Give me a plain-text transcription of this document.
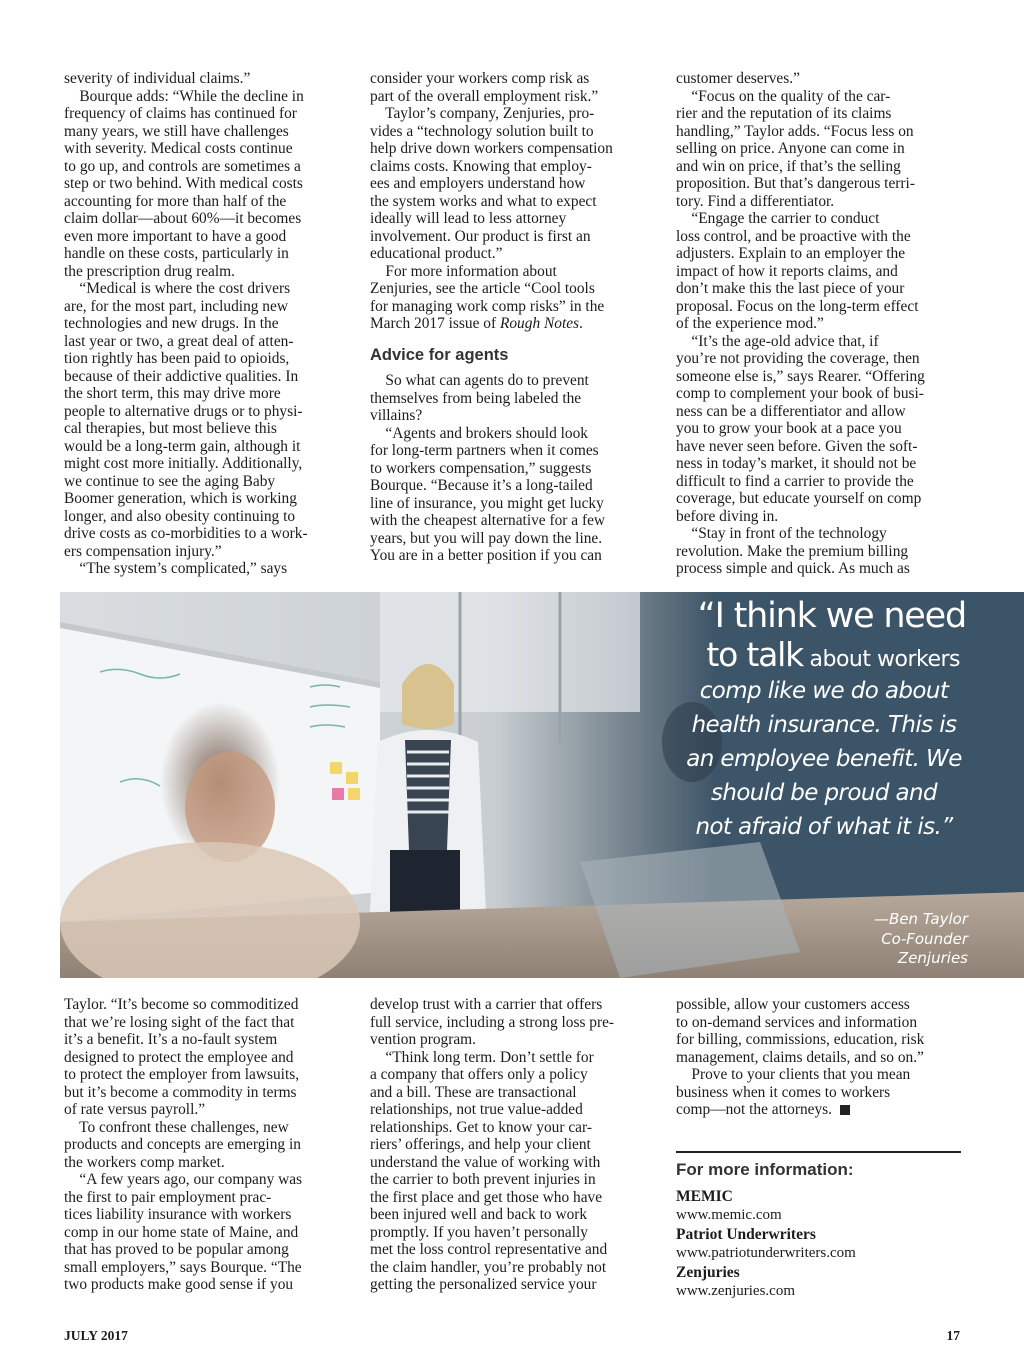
severity of individual claims.”

Bourque adds: “While the decline in

frequency of claims has continued for

many years, we still have challenges

with severity. Medical costs continue

to go up, and controls are sometimes a

step or two behind. With medical costs

accounting for more than half of the

claim dollar—about 60%—it becomes

even more important to have a good

handle on these costs, particularly in

the prescription drug realm.

“Medical is where the cost drivers

are, for the most part, including new

technologies and new drugs. In the

last year or two, a great deal of atten-

tion rightly has been paid to opioids,

because of their addictive qualities. In

the short term, this may drive more

people to alternative drugs or to physi-

cal therapies, but most believe this

would be a long-term gain, although it

might cost more initially. Additionally,

we continue to see the aging Baby

Boomer generation, which is working

longer, and also obesity continuing to

drive costs as co-morbidities to a work-

ers compensation injury.”

“The system’s complicated,” says

consider your workers comp risk as

part of the overall employment risk.”

Taylor’s company, Zenjuries, pro-

vides a “technology solution built to

help drive down workers compensation

claims costs. Knowing that employ-

ees and employers understand how

the system works and what to expect

ideally will lead to less attorney

involvement. Our product is first an

educational product.”

For more information about

Zenjuries, see the article “Cool tools

for managing work comp risks” in the

March 2017 issue of Rough Notes.

Advice for agents

So what can agents do to prevent

themselves from being labeled the

villains?

“Agents and brokers should look

for long-term partners when it comes

to workers compensation,” suggests

Bourque. “Because it’s a long-tailed

line of insurance, you might get lucky

with the cheapest alternative for a few

years, but you will pay down the line.

You are in a better position if you can

customer deserves.”

“Focus on the quality of the car-

rier and the reputation of its claims

handling,” Taylor adds. “Focus less on

selling on price. Anyone can come in

and win on price, if that’s the selling

proposition. But that’s dangerous terri-

tory. Find a differentiator.

“Engage the carrier to conduct

loss control, and be proactive with the

adjusters. Explain to an employer the

impact of how it reports claims, and

don’t make this the last piece of your

proposal. Focus on the long-term effect

of the experience mod.”

“It’s the age-old advice that, if

you’re not providing the coverage, then

someone else is,” says Rearer. “Offering

comp to complement your book of busi-

ness can be a differentiator and allow

you to grow your book at a pace you

have never seen before. Given the soft-

ness in today’s market, it should not be

difficult to find a carrier to provide the

coverage, but educate yourself on comp

before diving in.

“Stay in front of the technology

revolution. Make the premium billing

process simple and quick. As much as

“I think we need
to talk about workers
comp like we do about
health insurance. This is
an employee benefit. We
should be proud and
not afraid of what it is.”
—Ben Taylor
Co-Founder
Zenjuries

Taylor. “It’s become so commoditized

that we’re losing sight of the fact that

it’s a benefit. It’s a no-fault system

designed to protect the employee and

to protect the employer from lawsuits,

but it’s become a commodity in terms

of rate versus payroll.”

To confront these challenges, new

products and concepts are emerging in

the workers comp market.

“A few years ago, our company was

the first to pair employment prac-

tices liability insurance with workers

comp in our home state of Maine, and

that has proved to be popular among

small employers,” says Bourque. “The

two products make good sense if you

develop trust with a carrier that offers

full service, including a strong loss pre-

vention program.

“Think long term. Don’t settle for

a company that offers only a policy

and a bill. These are transactional

relationships, not true value-added

relationships. Get to know your car-

riers’ offerings, and help your client

understand the value of working with

the carrier to both prevent injuries in

the first place and get those who have

been injured well and back to work

promptly. If you haven’t personally

met the loss control representative and

the claim handler, you’re probably not

getting the personalized service your

possible, allow your customers access

to on-demand services and information

for billing, commissions, education, risk

management, claims details, and so on.”

Prove to your clients that you mean

business when it comes to workers

comp—not the attorneys.

For more information:
MEMIC
www.memic.com
Patriot Underwriters
www.patriotunderwriters.com
Zenjuries
www.zenjuries.com
JULY 2017	17
